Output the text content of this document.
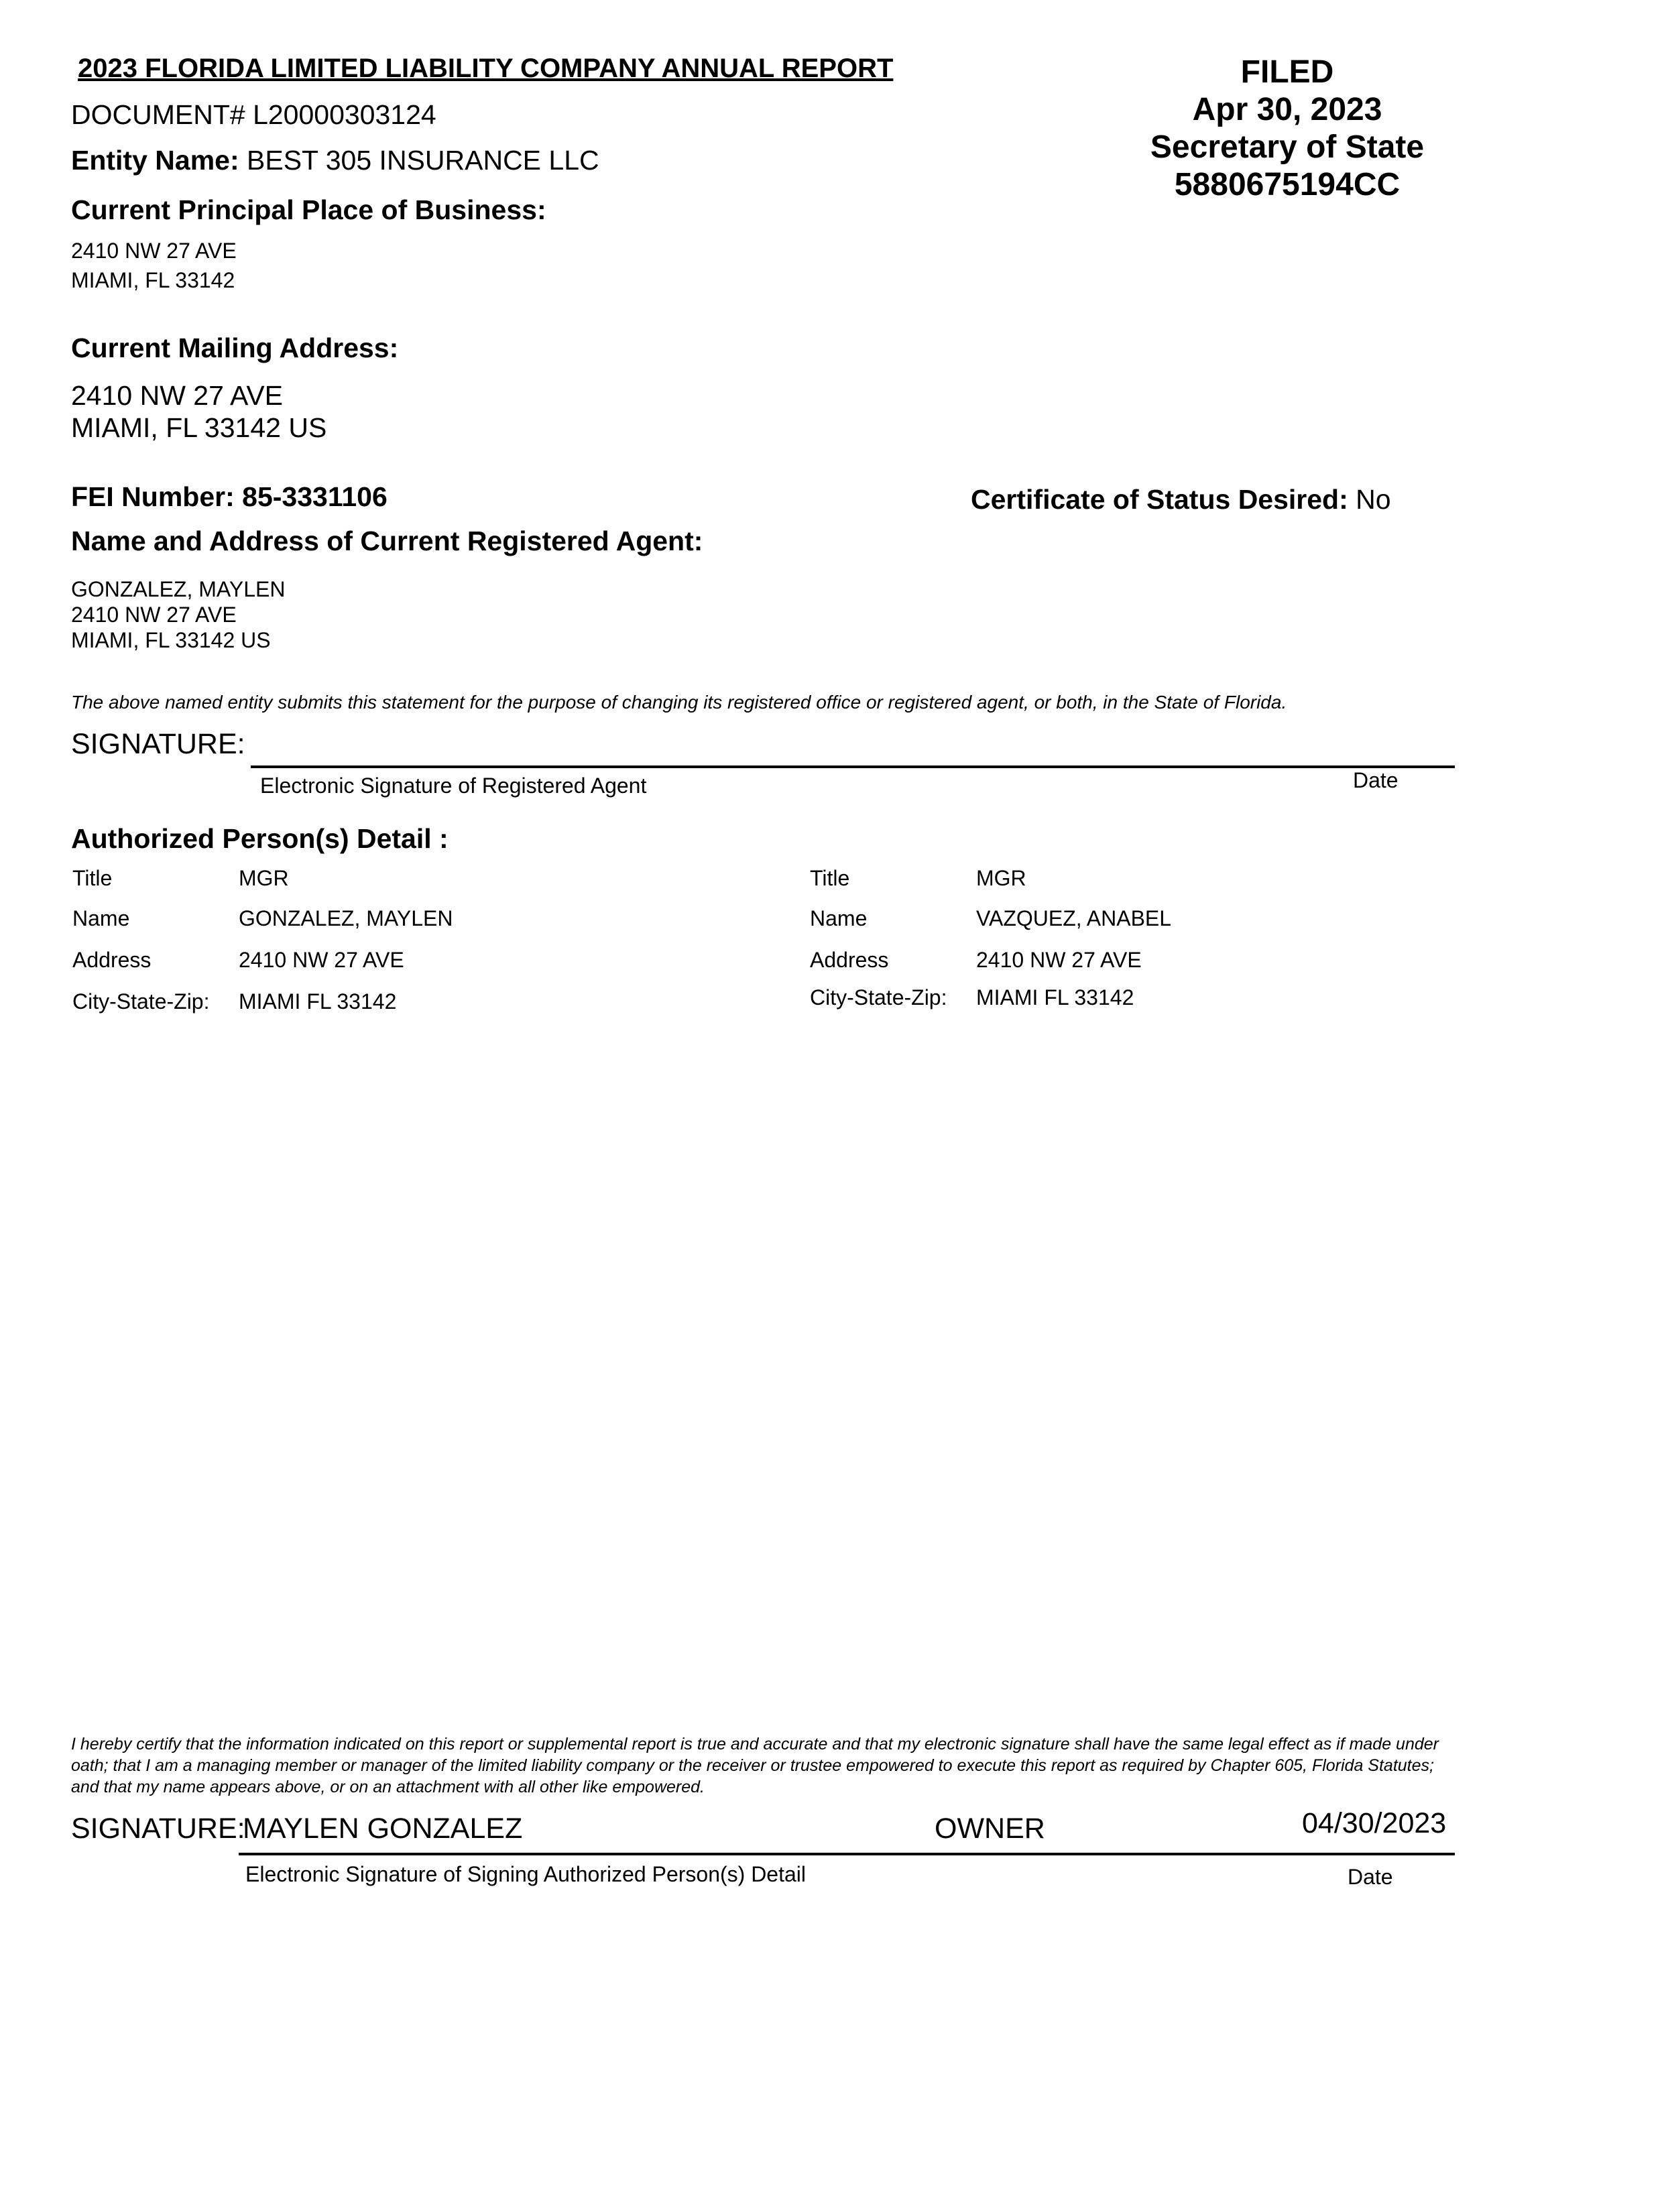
2023 FLORIDA LIMITED LIABILITY COMPANY ANNUAL REPORT
DOCUMENT# L20000303124
Entity Name: BEST 305 INSURANCE LLC
Current Principal Place of Business:
2410 NW 27 AVE
MIAMI, FL 33142
FILED
Apr 30, 2023
Secretary of State
5880675194CC
Current Mailing Address:
2410 NW 27 AVE
MIAMI, FL 33142 US
FEI Number: 85-3331106	Certificate of Status Desired: No
Name and Address of Current Registered Agent:
GONZALEZ, MAYLEN
2410 NW 27 AVE
MIAMI, FL 33142 US
The above named entity submits this statement for the purpose of changing its registered office or registered agent, or both, in the State of Florida.
SIGNATURE:
Electronic Signature of Registered Agent	Date
Authorized Person(s) Detail :
Title	MGR
Name	GONZALEZ, MAYLEN
Address	2410 NW 27 AVE
City-State-Zip: MIAMI FL 33142
Title	MGR
Name	VAZQUEZ, ANABEL
Address	2410 NW 27 AVE
City-State-Zip: MIAMI FL 33142
I hereby certify that the information indicated on this report or supplemental report is true and accurate and that my electronic signature shall have the same legal effect as if made under oath; that I am a managing member or manager of the limited liability company or the receiver or trustee empowered to execute this report as required by Chapter 605, Florida Statutes; and that my name appears above, or on an attachment with all other like empowered.
SIGNATURE:
MAYLEN GONZALEZ	OWNER	04/30/2023
Electronic Signature of Signing Authorized Person(s) Detail	Date
